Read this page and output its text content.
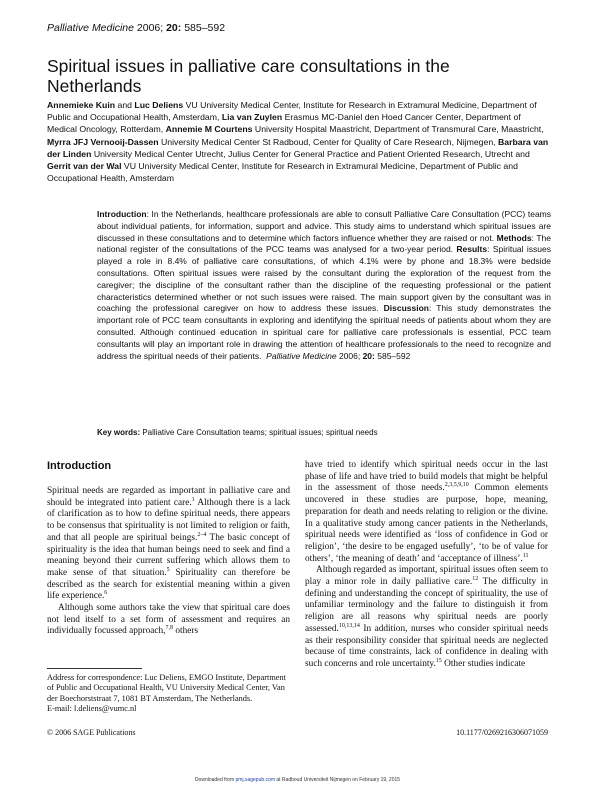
Palliative Medicine 2006; 20: 585–592
Spiritual issues in palliative care consultations in the Netherlands
Annemieke Kuin and Luc Deliens VU University Medical Center, Institute for Research in Extramural Medicine, Department of Public and Occupational Health, Amsterdam, Lia van Zuylen Erasmus MC-Daniel den Hoed Cancer Center, Department of Medical Oncology, Rotterdam, Annemie M Courtens University Hospital Maastricht, Department of Transmural Care, Maastricht, Myrra JFJ Vernooij-Dassen University Medical Center St Radboud, Center for Quality of Care Research, Nijmegen, Barbara van der Linden University Medical Center Utrecht, Julius Center for General Practice and Patient Oriented Research, Utrecht and Gerrit van der Wal VU University Medical Center, Institute for Research in Extramural Medicine, Department of Public and Occupational Health, Amsterdam
Introduction: In the Netherlands, healthcare professionals are able to consult Palliative Care Consultation (PCC) teams about individual patients, for information, support and advice. This study aims to understand which spiritual issues are discussed in these consultations and to determine which factors influence whether they are raised or not. Methods: The national register of the consultations of the PCC teams was analysed for a two-year period. Results: Spiritual issues played a role in 8.4% of palliative care consultations, of which 4.1% were by phone and 18.3% were bedside consultations. Often spiritual issues were raised by the consultant during the exploration of the request from the caregiver; the discipline of the consultant rather than the discipline of the requesting professional or the patient characteristics determined whether or not such issues were raised. The main support given by the consultant was in coaching the professional caregiver on how to address these issues. Discussion: This study demonstrates the important role of PCC team consultants in exploring and identifying the spiritual needs of patients about whom they are consulted. Although continued education in spiritual care for palliative care professionals is essential, PCC team consultants will play an important role in drawing the attention of healthcare professionals to the need to recognize and address the spiritual needs of their patients. Palliative Medicine 2006; 20: 585–592
Key words: Palliative Care Consultation teams; spiritual issues; spiritual needs
Introduction

Spiritual needs are regarded as important in palliative care and should be integrated into patient care.$^1$ Although there is a lack of clarification as to how to define spiritual needs, there appears to be consensus that spirituality is not limited to religion or faith, and that all people are spiritual beings.$^{2-4}$ The basic concept of spirituality is the idea that human beings need to seek and find a meaning beyond their current suffering which allows them to make sense of that situation.$^5$ Spirituality can therefore be described as the search for existential meaning within a given life experience.$^6$

Although some authors take the view that spiritual care does not lend itself to a set form of assessment and requires an individually focussed approach,$^{7,8}$ others

have tried to identify which spiritual needs occur in the last phase of life and have tried to build models that might be helpful in the assessment of those needs.$^{2,3,5,9,10}$ Common elements uncovered in these studies are purpose, hope, meaning, preparation for death and needs relating to religion or the divine. In a qualitative study among cancer patients in the Netherlands, spiritual needs were identified as ‘loss of confidence in God or religion’, ‘the desire to be engaged usefully’, ‘to be of value for others’, ‘the meaning of death’ and ‘acceptance of illness’.$^{11}$

Although regarded as important, spiritual issues often seem to play a minor role in daily palliative care.$^{12}$ The difficulty in defining and understanding the concept of spirituality, the use of unfamiliar terminology and the failure to distinguish it from religion are all reasons why spiritual needs are poorly assessed.$^{10,13,14}$ In addition, nurses who consider spiritual needs as their responsibility consider that spiritual needs are neglected because of time constraints, lack of confidence in dealing with such concerns and role uncertainty.$^{15}$ Other studies indicate

Address for correspondence: Luc Deliens, EMGO Institute, Department of Public and Occupational Health, VU University Medical Center, Van der Boechorststraat 7, 1081 BT Amsterdam, The Netherlands.
E-mail: l.deliens@vumc.nl
© 2006 SAGE Publications	10.1177/0269216306071059
Downloaded from pmj.sagepub.com at Radboud Universiteit Nijmegen on February 19, 2015
